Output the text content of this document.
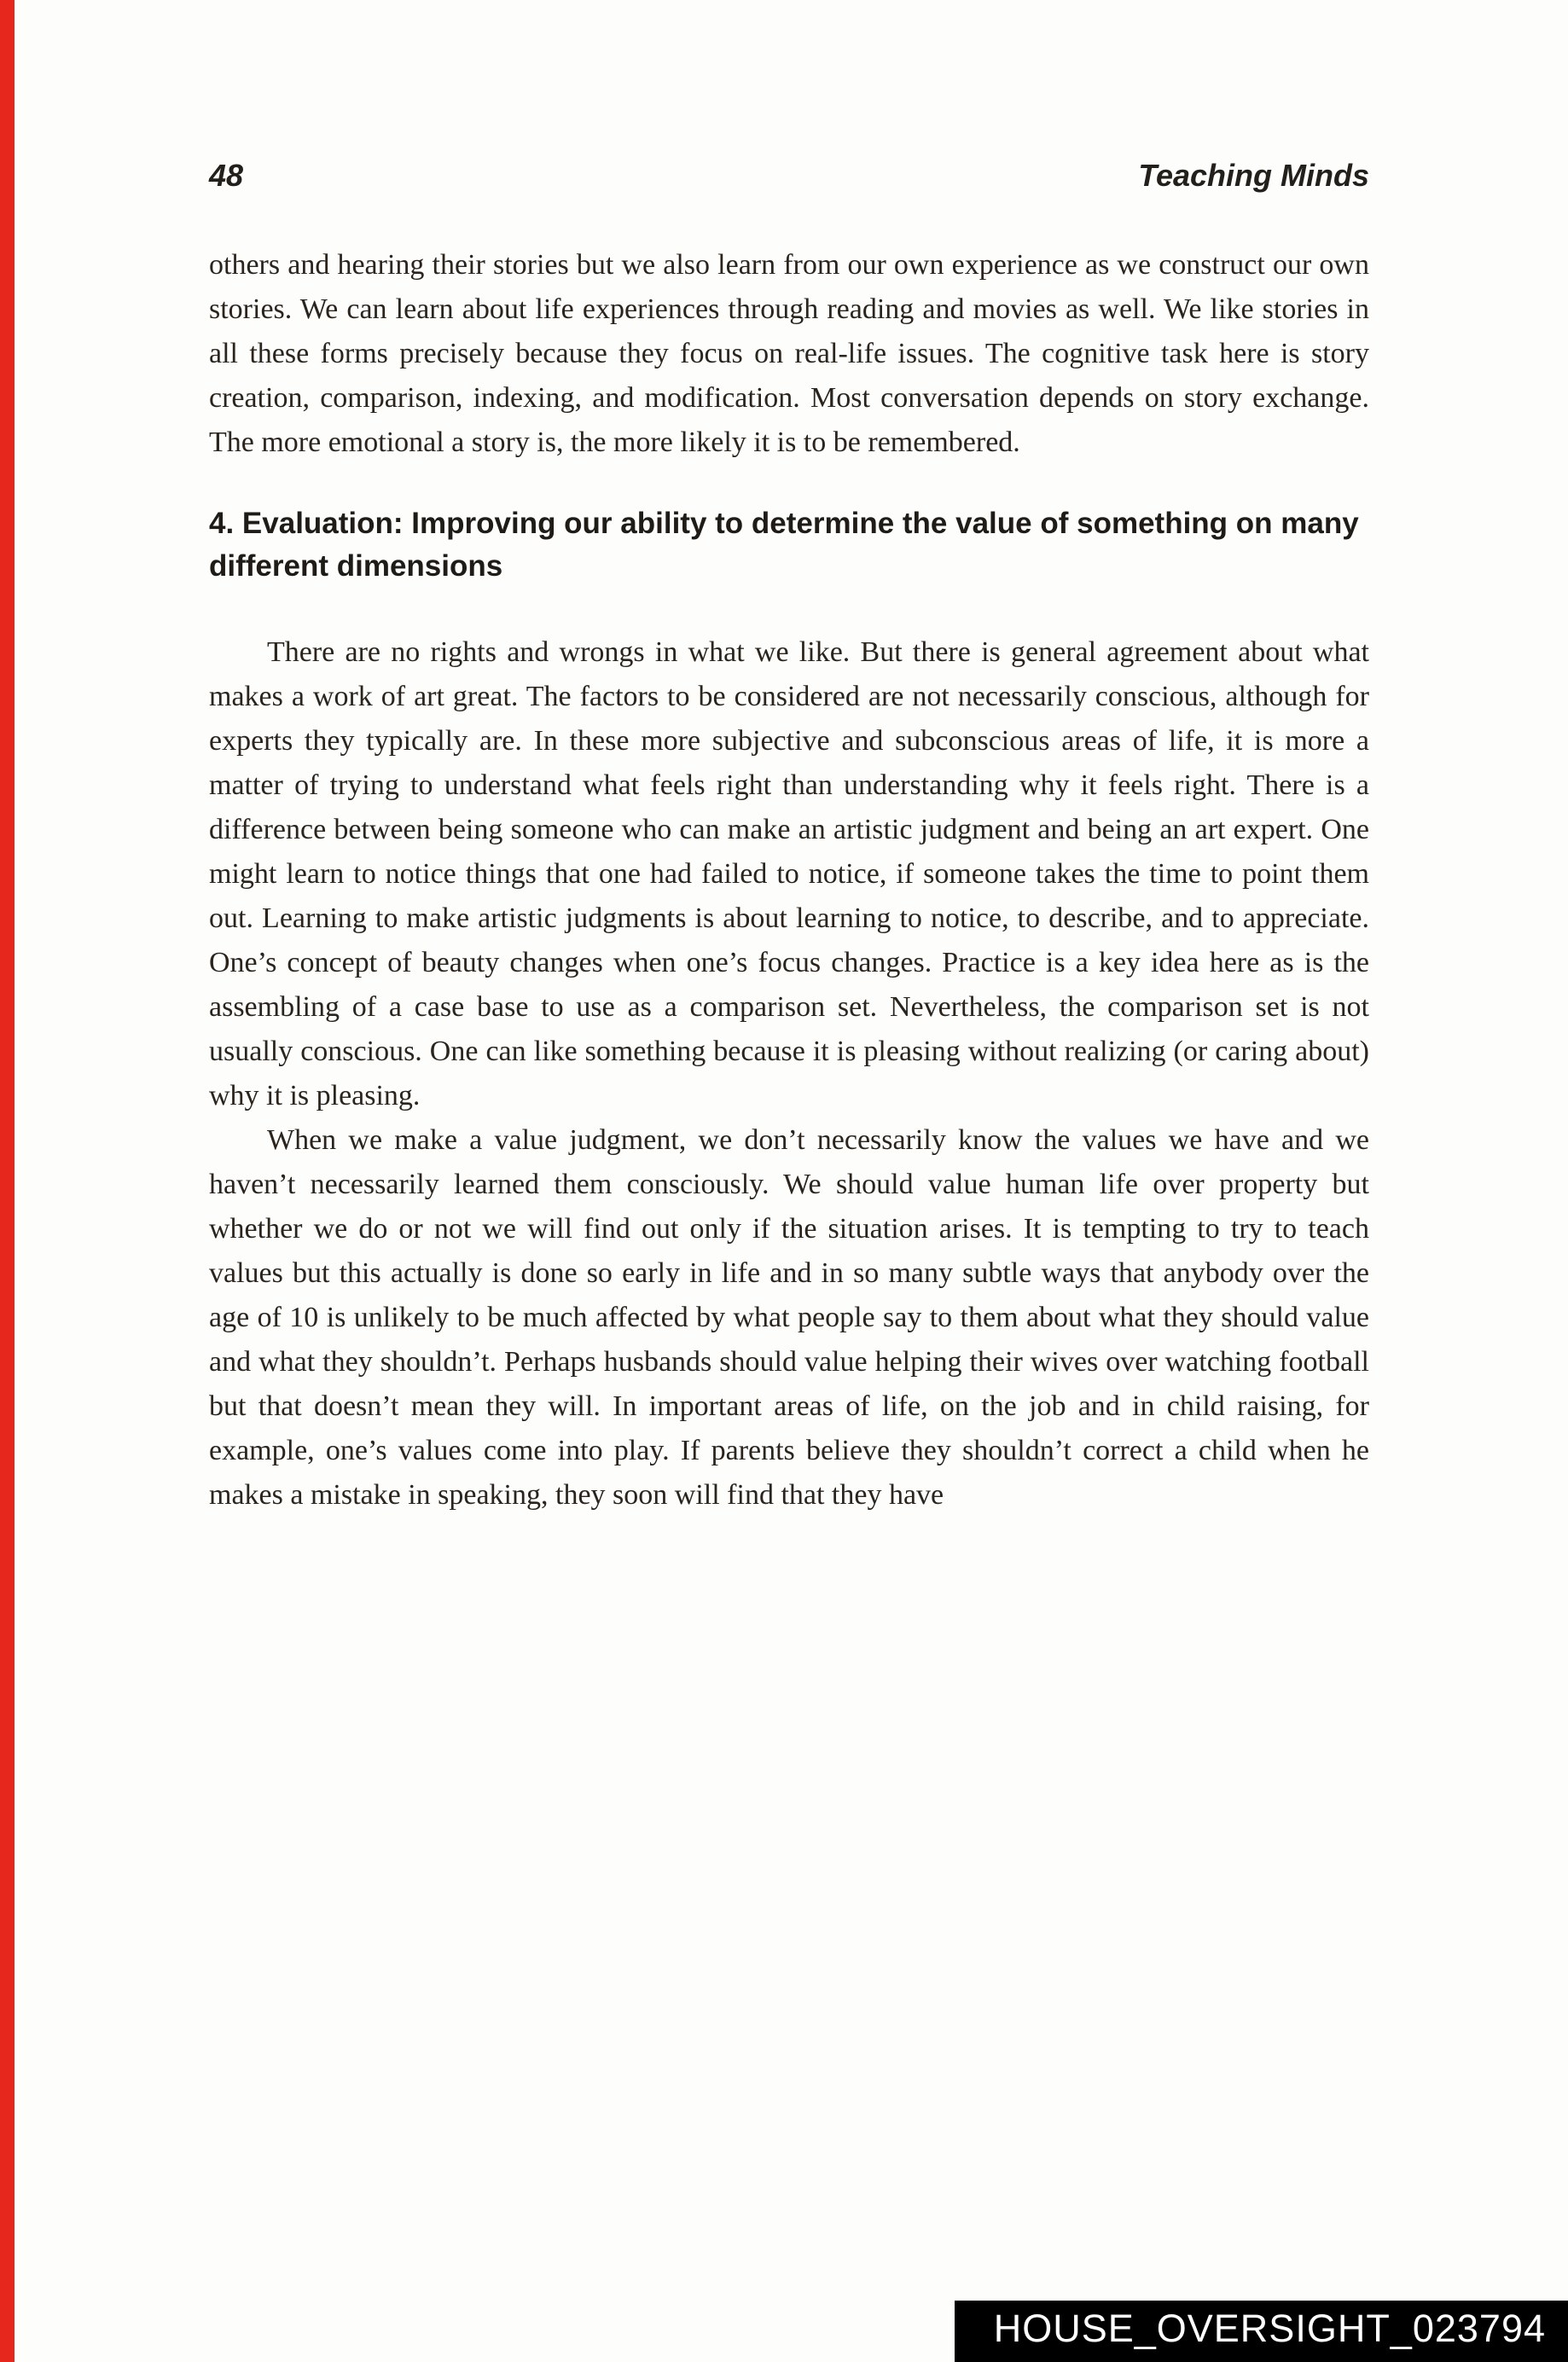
48	Teaching Minds

others and hearing their stories but we also learn from our own experience as we construct our own stories. We can learn about life experiences through reading and movies as well. We like stories in all these forms precisely because they focus on real-life issues. The cognitive task here is story creation, comparison, indexing, and modification. Most conversation depends on story exchange. The more emotional a story is, the more likely it is to be remembered.

4. Evaluation: Improving our ability to determine the value of something on many different dimensions

There are no rights and wrongs in what we like. But there is general agreement about what makes a work of art great. The factors to be considered are not necessarily conscious, although for experts they typically are. In these more subjective and subconscious areas of life, it is more a matter of trying to understand what feels right than understanding why it feels right. There is a difference between being someone who can make an artistic judgment and being an art expert. One might learn to notice things that one had failed to notice, if someone takes the time to point them out. Learning to make artistic judgments is about learning to notice, to describe, and to appreciate. One’s concept of beauty changes when one’s focus changes. Practice is a key idea here as is the assembling of a case base to use as a comparison set. Nevertheless, the comparison set is not usually conscious. One can like something because it is pleasing without realizing (or caring about) why it is pleasing.

When we make a value judgment, we don’t necessarily know the values we have and we haven’t necessarily learned them consciously. We should value human life over property but whether we do or not we will find out only if the situation arises. It is tempting to try to teach values but this actually is done so early in life and in so many subtle ways that anybody over the age of 10 is unlikely to be much affected by what people say to them about what they should value and what they shouldn’t. Perhaps husbands should value helping their wives over watching football but that doesn’t mean they will. In important areas of life, on the job and in child raising, for example, one’s values come into play. If parents believe they shouldn’t correct a child when he makes a mistake in speaking, they soon will find that they have

HOUSE_OVERSIGHT_023794
